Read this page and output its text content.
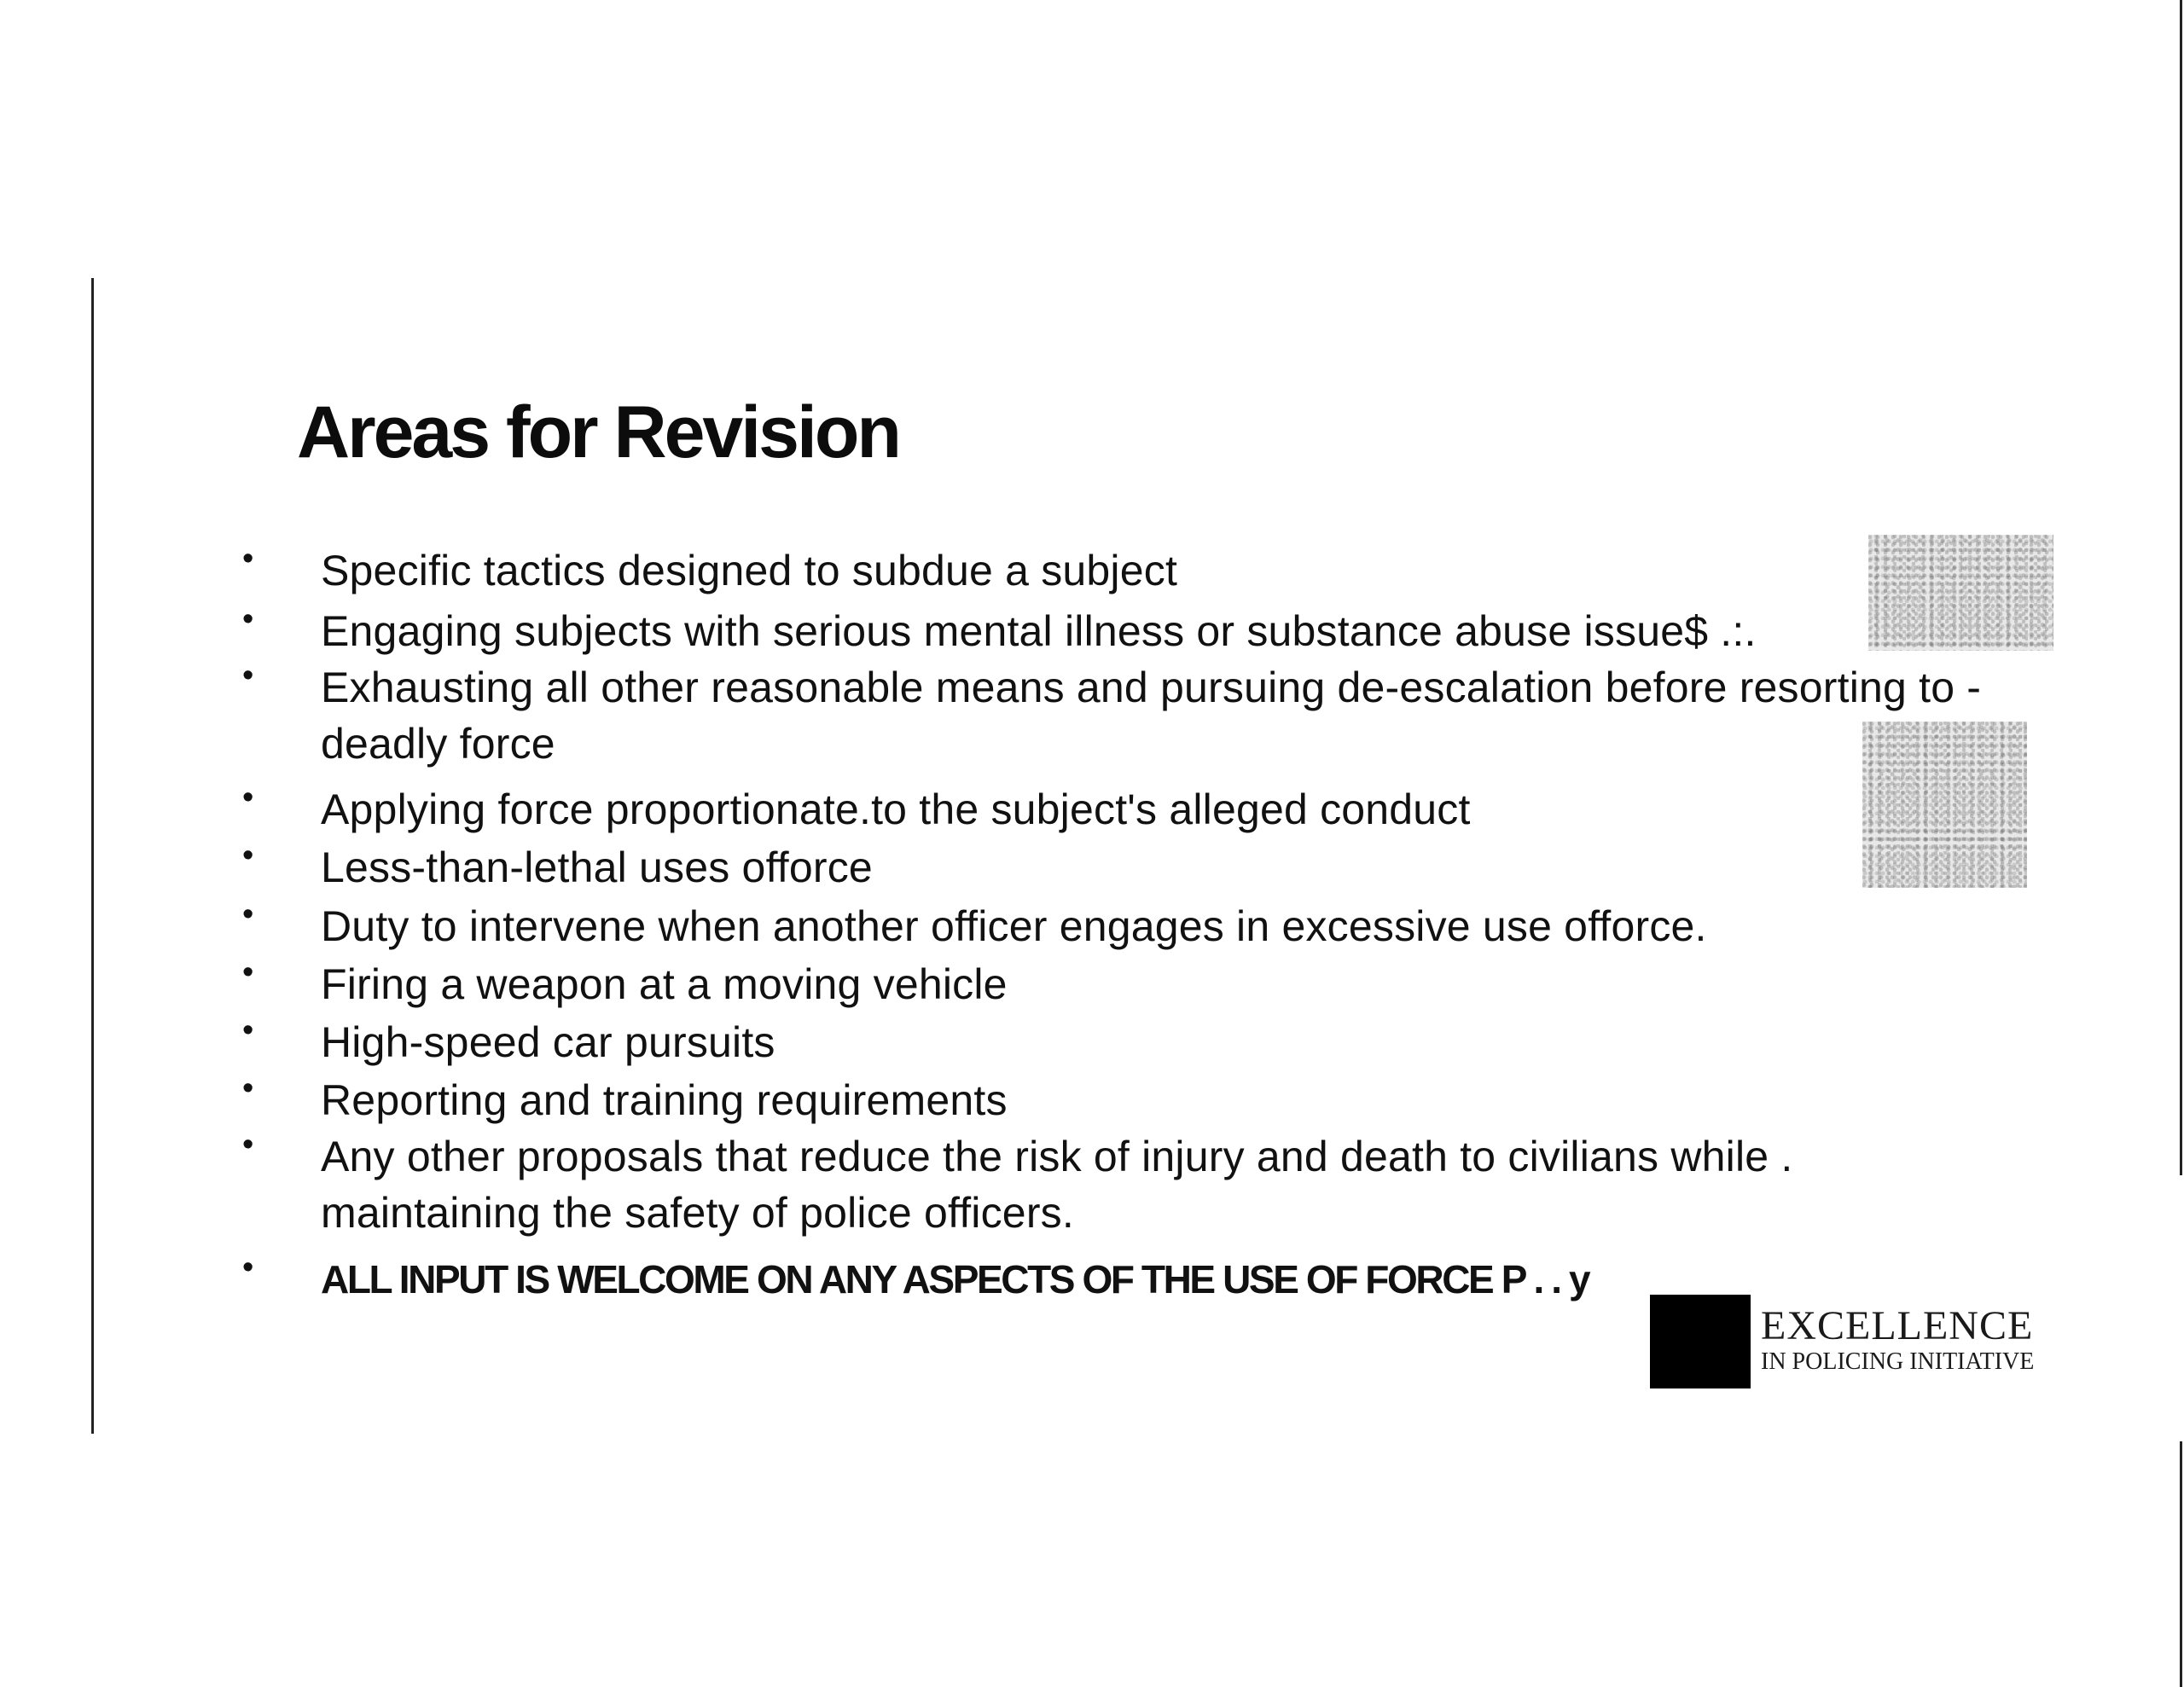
Areas for Revision
• Specific tactics designed to subdue a subject
• Engaging subjects with serious mental illness or substance abuse issue$ .:.
• Exhausting all other reasonable means and pursuing de-escalation before resorting to -
deadly force
• Applying force proportionate.to the subject's alleged conduct
• Less-than-lethal uses offorce
• Duty to intervene when another officer engages in excessive use offorce.
• Firing a weapon at a moving vehicle
• High-speed car pursuits
• Reporting and training requirements
• Any other proposals that reduce the risk of injury and death to civilians while .
maintaining the safety of police officers.
• ALL INPUT IS WELCOME ON ANY ASPECTS OF THE USE OF FORCE P . . y
EXCELLENCE
IN POLICING INITIATIVE
